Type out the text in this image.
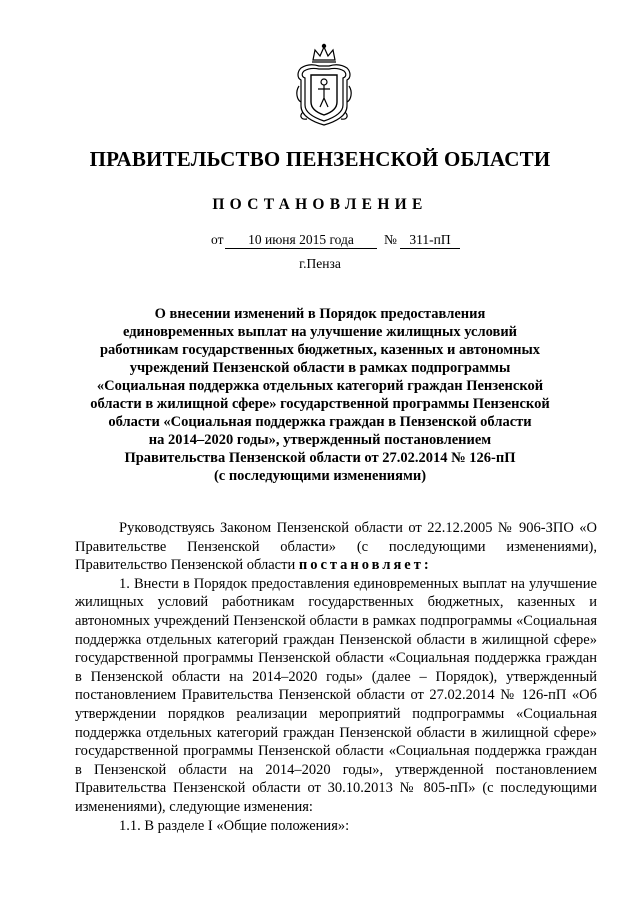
ПРАВИТЕЛЬСТВО ПЕНЗЕНСКОЙ ОБЛАСТИ
ПОСТАНОВЛЕНИЕ
от	10 июня 2015 года	№ 311-пП
г.Пенза
О внесении изменений в Порядок предоставления
единовременных выплат на улучшение жилищных условий
работникам государственных бюджетных, казенных и автономных
учреждений Пензенской области в рамках подпрограммы
«Социальная поддержка отдельных категорий граждан Пензенской
области в жилищной сфере» государственной программы Пензенской
области «Социальная поддержка граждан в Пензенской области
на 2014–2020 годы», утвержденный постановлением
Правительства Пензенской области от 27.02.2014 № 126-пП
(с последующими изменениями)
Руководствуясь Законом Пензенской области от 22.12.2005 № 906-ЗПО «О Правительстве Пензенской области» (с последующими изменениями), Правительство Пензенской области постановляет:
1. Внести в Порядок предоставления единовременных выплат на улучшение жилищных условий работникам государственных бюджетных, казенных и автономных учреждений Пензенской области в рамках подпрограммы «Социальная поддержка отдельных категорий граждан Пензенской области в жилищной сфере» государственной программы Пензенской области «Социальная поддержка граждан в Пензенской области на 2014–2020 годы» (далее – Порядок), утвержденный постановлением Правительства Пензенской области от 27.02.2014 № 126-пП «Об утверждении порядков реализации мероприятий подпрограммы «Социальная поддержка отдельных категорий граждан Пензенской области в жилищной сфере» государственной программы Пензенской области «Социальная поддержка граждан в Пензенской области на 2014–2020 годы», утвержденной постановлением Правительства Пензенской области от 30.10.2013 № 805-пП» (с последующими изменениями), следующие изменения:
1.1. В разделе I «Общие положения»:
